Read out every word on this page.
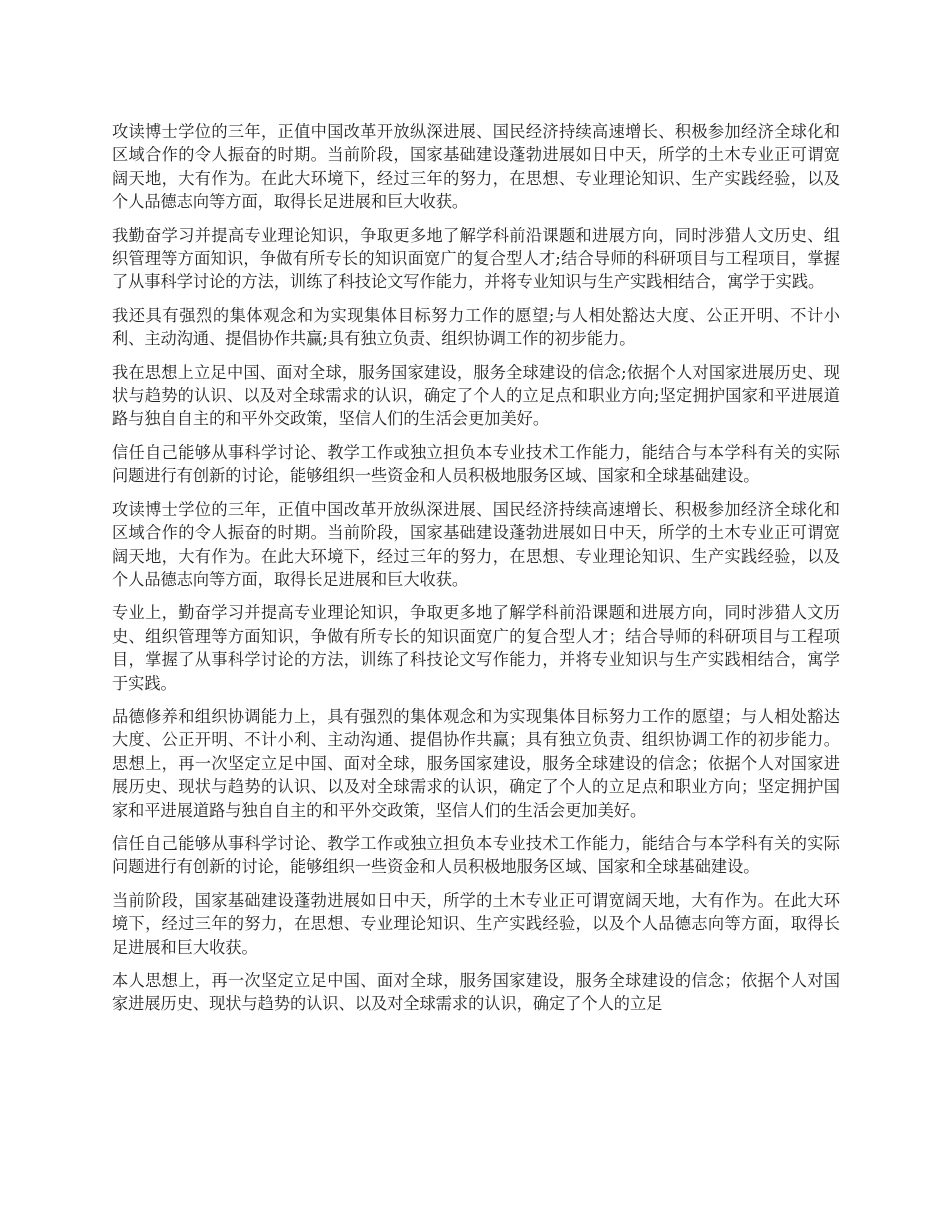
攻读博士学位的三年，正值中国改革开放纵深进展、国民经济持续高速增长、积极参加经济全球化和区域合作的令人振奋的时期。当前阶段，国家基础建设蓬勃进展如日中天，所学的土木专业正可谓宽阔天地，大有作为。在此大环境下，经过三年的努力，在思想、专业理论知识、生产实践经验，以及个人品德志向等方面，取得长足进展和巨大收获。

我勤奋学习并提高专业理论知识，争取更多地了解学科前沿课题和进展方向，同时涉猎人文历史、组织管理等方面知识，争做有所专长的知识面宽广的复合型人才;结合导师的科研项目与工程项目，掌握了从事科学讨论的方法，训练了科技论文写作能力，并将专业知识与生产实践相结合，寓学于实践。

我还具有强烈的集体观念和为实现集体目标努力工作的愿望;与人相处豁达大度、公正开明、不计小利、主动沟通、提倡协作共赢;具有独立负责、组织协调工作的初步能力。

我在思想上立足中国、面对全球，服务国家建设，服务全球建设的信念;依据个人对国家进展历史、现状与趋势的认识、以及对全球需求的认识，确定了个人的立足点和职业方向;坚定拥护国家和平进展道路与独自自主的和平外交政策，坚信人们的生活会更加美好。

信任自己能够从事科学讨论、教学工作或独立担负本专业技术工作能力，能结合与本学科有关的实际问题进行有创新的讨论，能够组织一些资金和人员积极地服务区域、国家和全球基础建设。

攻读博士学位的三年，正值中国改革开放纵深进展、国民经济持续高速增长、积极参加经济全球化和区域合作的令人振奋的时期。当前阶段，国家基础建设蓬勃进展如日中天，所学的土木专业正可谓宽阔天地，大有作为。在此大环境下，经过三年的努力，在思想、专业理论知识、生产实践经验，以及个人品德志向等方面，取得长足进展和巨大收获。

专业上，勤奋学习并提高专业理论知识，争取更多地了解学科前沿课题和进展方向，同时涉猎人文历史、组织管理等方面知识，争做有所专长的知识面宽广的复合型人才；结合导师的科研项目与工程项目，掌握了从事科学讨论的方法，训练了科技论文写作能力，并将专业知识与生产实践相结合，寓学于实践。

品德修养和组织协调能力上，具有强烈的集体观念和为实现集体目标努力工作的愿望；与人相处豁达大度、公正开明、不计小利、主动沟通、提倡协作共赢；具有独立负责、组织协调工作的初步能力。 思想上，再一次坚定立足中国、面对全球，服务国家建设，服务全球建设的信念；依据个人对国家进展历史、现状与趋势的认识、以及对全球需求的认识，确定了个人的立足点和职业方向；坚定拥护国家和平进展道路与独自自主的和平外交政策，坚信人们的生活会更加美好。

信任自己能够从事科学讨论、教学工作或独立担负本专业技术工作能力，能结合与本学科有关的实际问题进行有创新的讨论，能够组织一些资金和人员积极地服务区域、国家和全球基础建设。

当前阶段，国家基础建设蓬勃进展如日中天，所学的土木专业正可谓宽阔天地，大有作为。在此大环境下，经过三年的努力，在思想、专业理论知识、生产实践经验，以及个人品德志向等方面，取得长足进展和巨大收获。

本人思想上，再一次坚定立足中国、面对全球，服务国家建设，服务全球建设的信念；依据个人对国家进展历史、现状与趋势的认识、以及对全球需求的认识，确定了个人的立足
